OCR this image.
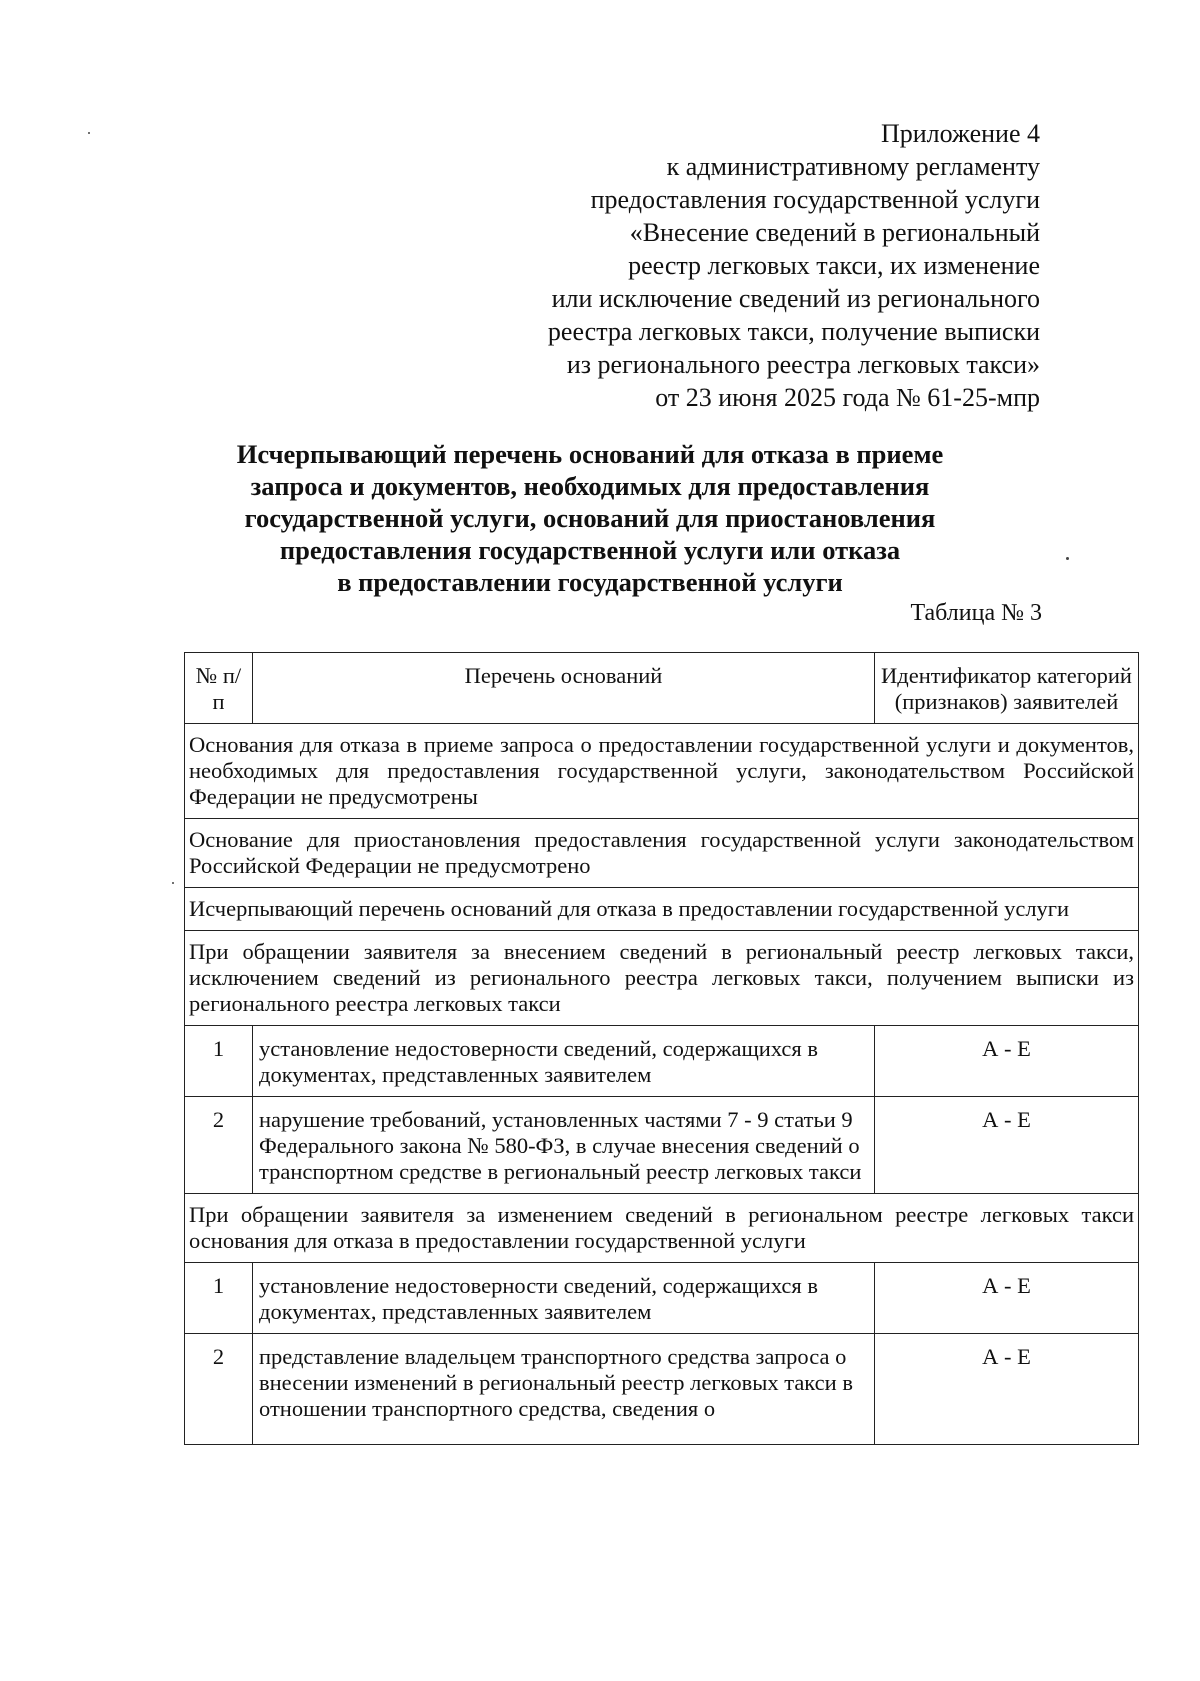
Приложение 4
к административному регламенту
предоставления государственной услуги
«Внесение сведений в региональный
реестр легковых такси, их изменение
или исключение сведений из регионального
реестра легковых такси, получение выписки
из регионального реестра легковых такси»
от 23 июня 2025 года № 61-25-мпр
Исчерпывающий перечень оснований для отказа в приеме
запроса и документов, необходимых для предоставления
государственной услуги, оснований для приостановления
предоставления государственной услуги или отказа
в предоставлении государственной услуги
Таблица № 3
№ п/п	Перечень оснований	Идентификатор категорий (признаков) заявителей
Основания для отказа в приеме запроса о предоставлении государственной услуги и документов, необходимых для предоставления государственной услуги, законодательством Российской Федерации не предусмотрены		
Основание для приостановления предоставления государственной услуги законодательством Российской Федерации не предусмотрено		
Исчерпывающий перечень оснований для отказа в предоставлении государственной услуги		
При обращении заявителя за внесением сведений в региональный реестр легковых такси, исключением сведений из регионального реестра легковых такси, получением выписки из регионального реестра легковых такси		
1	установление недостоверности сведений, содержащихся в документах, представленных заявителем	А - Е
2	нарушение требований, установленных частями 7 - 9 статьи 9 Федерального закона № 580-ФЗ, в случае внесения сведений о транспортном средстве в региональный реестр легковых такси	А - Е
При обращении заявителя за изменением сведений в региональном реестре легковых такси основания для отказа в предоставлении государственной услуги		
1	установление недостоверности сведений, содержащихся в документах, представленных заявителем	А - Е
2	представление владельцем транспортного средства запроса о внесении изменений в региональный реестр легковых такси в отношении транспортного средства, сведения о	А - Е
